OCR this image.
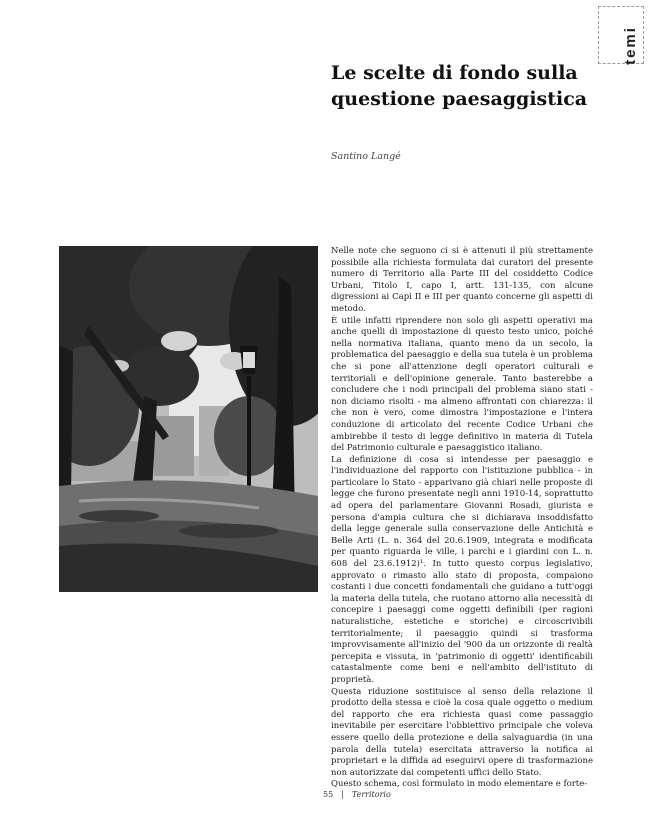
temi
Le scelte di fondo sulla questione paesaggistica

Santino Langé

Nelle note che seguono ci si è attenuti il più strettamente possibile alla richiesta formulata dai curatori del presente numero di Territorio alla Parte III del cosiddetto Codice Urbani, Titolo I, capo I, artt. 131-135, con alcune digressioni ai Capi II e III per quanto concerne gli aspetti di metodo.

È utile infatti riprendere non solo gli aspetti operativi ma anche quelli di impostazione di questo testo unico, poiché nella normativa italiana, quanto meno da un secolo, la problematica del paesaggio e della sua tutela è un problema che si pone all'attenzione degli operatori culturali e territoriali e dell'opinione generale. Tanto basterebbe a concludere che i nodi principali del problema siano stati - non diciamo risolti - ma almeno affrontati con chiarezza: il che non è vero, come dimostra l'impostazione e l'intera conduzione di articolato del recente Codice Urbani che ambirebbe il testo di legge definitivo in materia di Tutela del Patrimonio culturale e paesaggistico italiano.

La definizione di cosa si intendesse per paesaggio e l'individuazione del rapporto con l'istituzione pubblica - in particolare lo Stato - apparivano già chiari nelle proposte di legge che furono presentate negli anni 1910-14, soprattutto ad opera del parlamentare Giovanni Rosadi, giurista e persona d'ampia cultura che si dichiarava insoddisfatto della legge generale sulla conservazione delle Antichità e Belle Arti (L. n. 364 del 20.6.1909, integrata e modificata per quanto riguarda le ville, i parchi e i giardini con L. n. 608 del 23.6.1912)¹. In tutto questo corpus legislativo, approvato o rimasto allo stato di proposta, compaiono costanti i due concetti fondamentali che guidano a tutt'oggi la materia della tutela, che ruotano attorno alla necessità di concepire i paesaggi come oggetti definibili (per ragioni naturalistiche, estetiche e storiche) e circoscrivibili territorialmente; il paesaggio quindi si trasforma improvvisamente all'inizio del '900 da un orizzonte di realtà percepita e vissuta, in 'patrimonio di oggetti' identificabili catastalmente come beni e nell'ambito dell'istituto di proprietà.

Questa riduzione sostituisce al senso della relazione il prodotto della stessa e cioè la cosa quale oggetto o medium del rapporto che era richiesta quasi come passaggio inevitabile per esercitare l'obbiettivo principale che voleva essere quello della protezione e della salvaguardia (in una parola della tutela) esercitata attraverso la notifica ai proprietari e la diffida ad eseguirvi opere di trasformazione non autorizzate dai competenti uffici dello Stato.

Questo schema, così formulato in modo elementare e forte-

55 | Territorio
